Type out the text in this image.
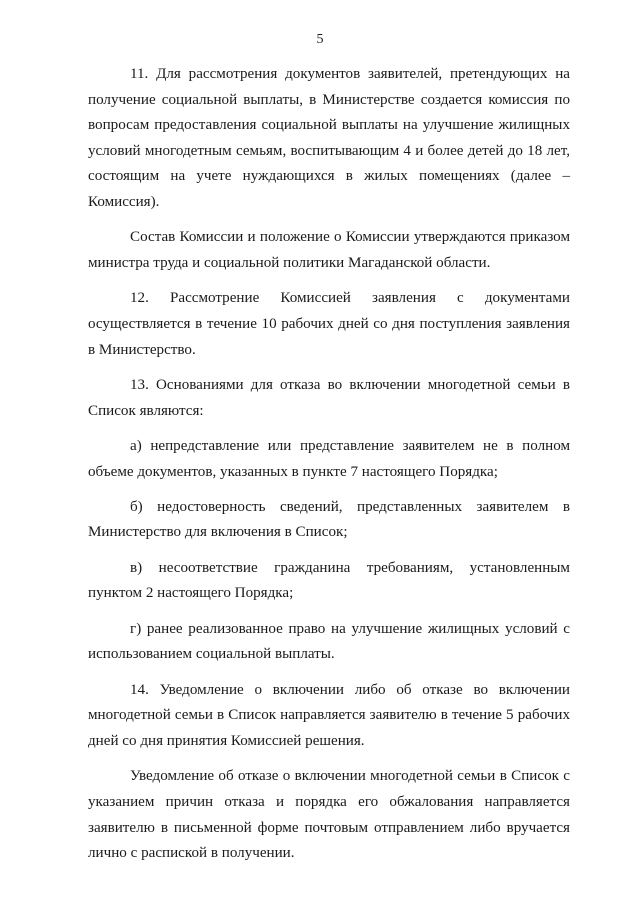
5

11. Для рассмотрения документов заявителей, претендующих на получение социальной выплаты, в Министерстве создается комиссия по вопросам предоставления социальной выплаты на улучшение жилищных условий многодетным семьям, воспитывающим 4 и более детей до 18 лет, состоящим на учете нуждающихся в жилых помещениях (далее – Комиссия).

Состав Комиссии и положение о Комиссии утверждаются приказом министра труда и социальной политики Магаданской области.

12. Рассмотрение Комиссией заявления с документами осуществляется в течение 10 рабочих дней со дня поступления заявления в Министерство.

13. Основаниями для отказа во включении многодетной семьи в Список являются:

а) непредставление или представление заявителем не в полном объеме документов, указанных в пункте 7 настоящего Порядка;

б) недостоверность сведений, представленных заявителем в Министерство для включения в Список;

в) несоответствие гражданина требованиям, установленным пунктом 2 настоящего Порядка;

г) ранее реализованное право на улучшение жилищных условий с использованием социальной выплаты.

14. Уведомление о включении либо об отказе во включении многодетной семьи в Список направляется заявителю в течение 5 рабочих дней со дня принятия Комиссией решения.

Уведомление об отказе о включении многодетной семьи в Список с указанием причин отказа и порядка его обжалования направляется заявителю в письменной форме почтовым отправлением либо вручается лично с распиской в получении.
